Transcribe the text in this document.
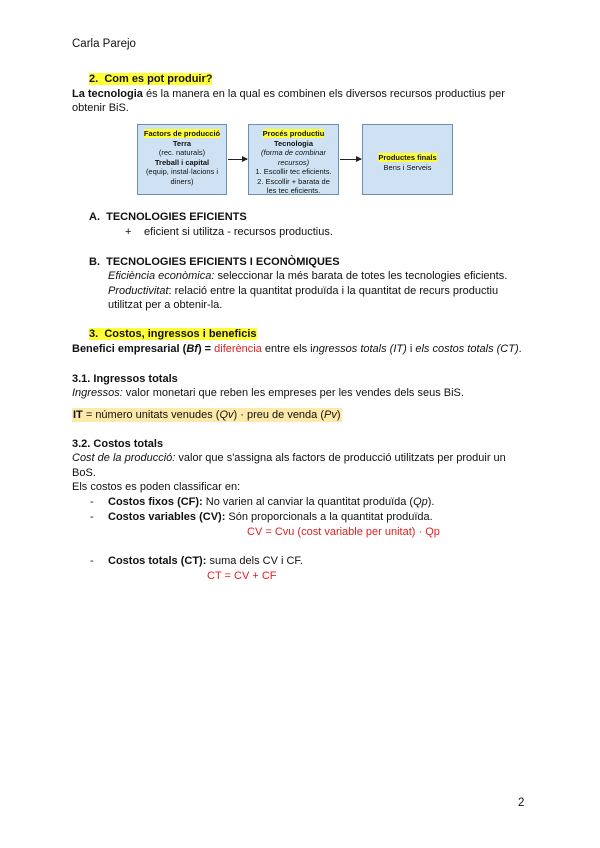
Carla Parejo
2. Com es pot produir?
La tecnologia és la manera en la qual es combinen els diversos recursos productius per
obtenir BiS.
Factors de producció
Terra
(rec. naturals)
Treball i capital
(equip, instal·lacions i
diners)
Procés productiu
Tecnologia
(forma de combinar
recursos)
1. Escollir tec eficients.
2. Escollir + barata de
les tec eficients.
Productes finals
Bens i Serveis
A. TECNOLOGIES EFICIENTS
+ eficient si utilitza - recursos productius.
B. TECNOLOGIES EFICIENTS I ECONÒMIQUES
Eficiència econòmica: seleccionar la més barata de totes les tecnologies eficients.
Productivitat: relació entre la quantitat produïda i la quantitat de recurs productiu
utilitzat per a obtenir-la.
3. Costos, ingressos i beneficis
Benefici empresarial (Bf) = diferència entre els ingressos totals (IT) i els costos totals (CT).
3.1. Ingressos totals
Ingressos: valor monetari que reben les empreses per les vendes dels seus BiS.
IT = número unitats venudes (Qv) · preu de venda (Pv)
3.2. Costos totals
Cost de la producció: valor que s'assigna als factors de producció utilitzats per produir un
BoS.
Els costos es poden classificar en:
- Costos fixos (CF): No varien al canviar la quantitat produïda (Qp).
- Costos variables (CV): Són proporcionals a la quantitat produïda.
CV = Cvu (cost variable per unitat) · Qp
- Costos totals (CT): suma dels CV i CF.
CT = CV + CF
2
